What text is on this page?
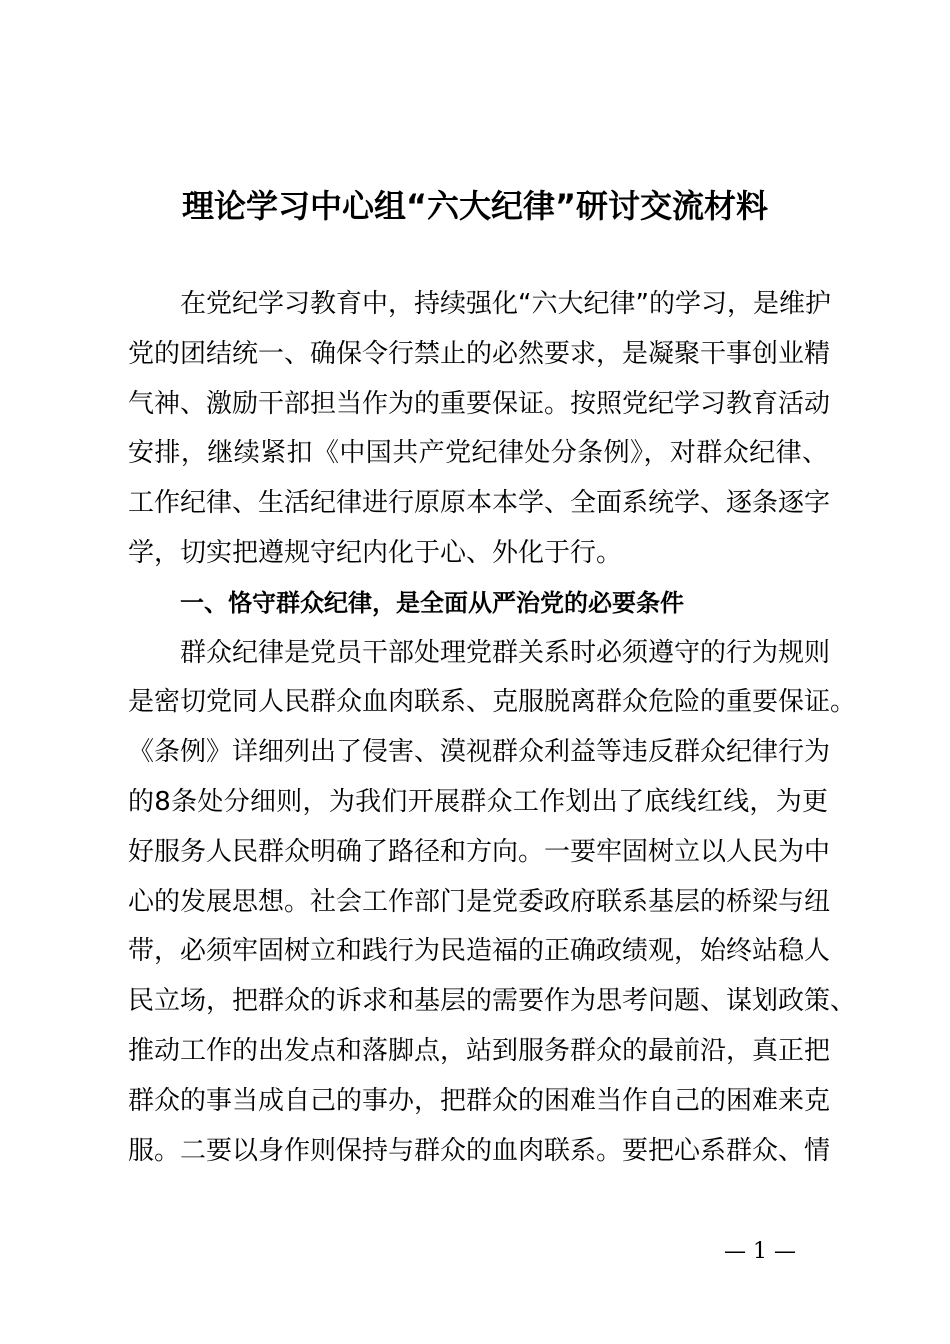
理论学习中心组“六大纪律”研讨交流材料
在党纪学习教育中，持续强化“六大纪律”的学习，是维护
党的团结统一、确保令行禁止的必然要求，是凝聚干事创业精
气神、激励干部担当作为的重要保证。按照党纪学习教育活动
安排，继续紧扣《中国共产党纪律处分条例》，对群众纪律、
工作纪律、生活纪律进行原原本本学、全面系统学、逐条逐字
学，切实把遵规守纪内化于心、外化于行。
一、恪守群众纪律，是全面从严治党的必要条件
群众纪律是党员干部处理党群关系时必须遵守的行为规则
是密切党同人民群众血肉联系、克服脱离群众危险的重要保证。
《条例》详细列出了侵害、漠视群众利益等违反群众纪律行为
的8条处分细则，为我们开展群众工作划出了底线红线，为更
好服务人民群众明确了路径和方向。一要牢固树立以人民为中
心的发展思想。社会工作部门是党委政府联系基层的桥梁与纽
带，必须牢固树立和践行为民造福的正确政绩观，始终站稳人
民立场，把群众的诉求和基层的需要作为思考问题、谋划政策、
推动工作的出发点和落脚点，站到服务群众的最前沿，真正把
群众的事当成自己的事办，把群众的困难当作自己的困难来克
服。二要以身作则保持与群众的血肉联系。要把心系群众、情
— 1 —
